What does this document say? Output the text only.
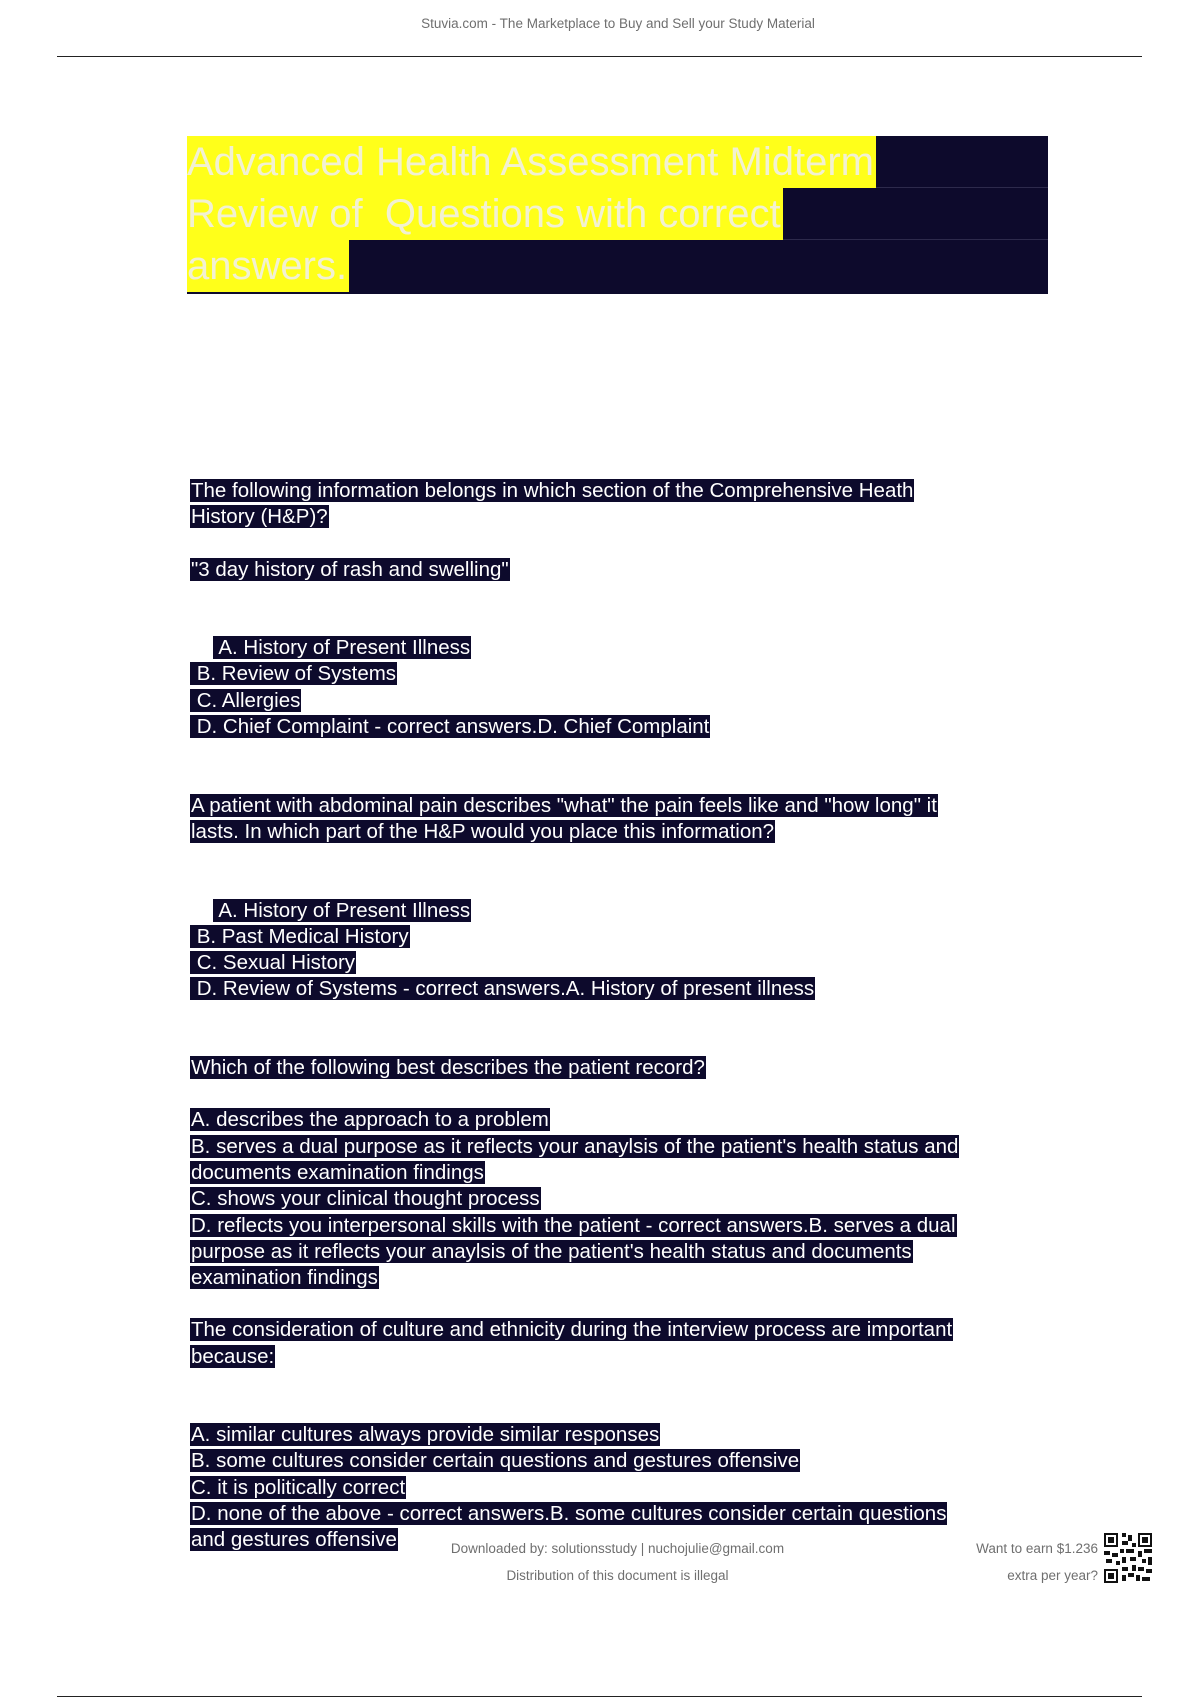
Stuvia.com - The Marketplace to Buy and Sell your Study Material
Advanced Health Assessment Midterm
Review of  Questions with correct
answers.
The following information belongs in which section of the Comprehensive Heath
History (H&P)?
"3 day history of rash and swelling"

A. History of Present Illness
B. Review of Systems
C. Allergies
D. Chief Complaint - correct answers.D. Chief Complaint

A patient with abdominal pain describes "what" the pain feels like and "how long" it
lasts. In which part of the H&P would you place this information?

A. History of Present Illness
B. Past Medical History
C. Sexual History
D. Review of Systems - correct answers.A. History of present illness

Which of the following best describes the patient record?
A. describes the approach to a problem
B. serves a dual purpose as it reflects your anaylsis of the patient's health status and
documents examination findings
C. shows your clinical thought process
D. reflects you interpersonal skills with the patient - correct answers.B. serves a dual
purpose as it reflects your anaylsis of the patient's health status and documents
examination findings
The consideration of culture and ethnicity during the interview process are important
because:
A. similar cultures always provide similar responses
B. some cultures consider certain questions and gestures offensive
C. it is politically correct
D. none of the above - correct answers.B. some cultures consider certain questions
and gestures offensive	Downloaded by: solutionsstudy | nuchojulie@gmail.com
Distribution of this document is illegal
Want to earn $1.236
extra per year?
